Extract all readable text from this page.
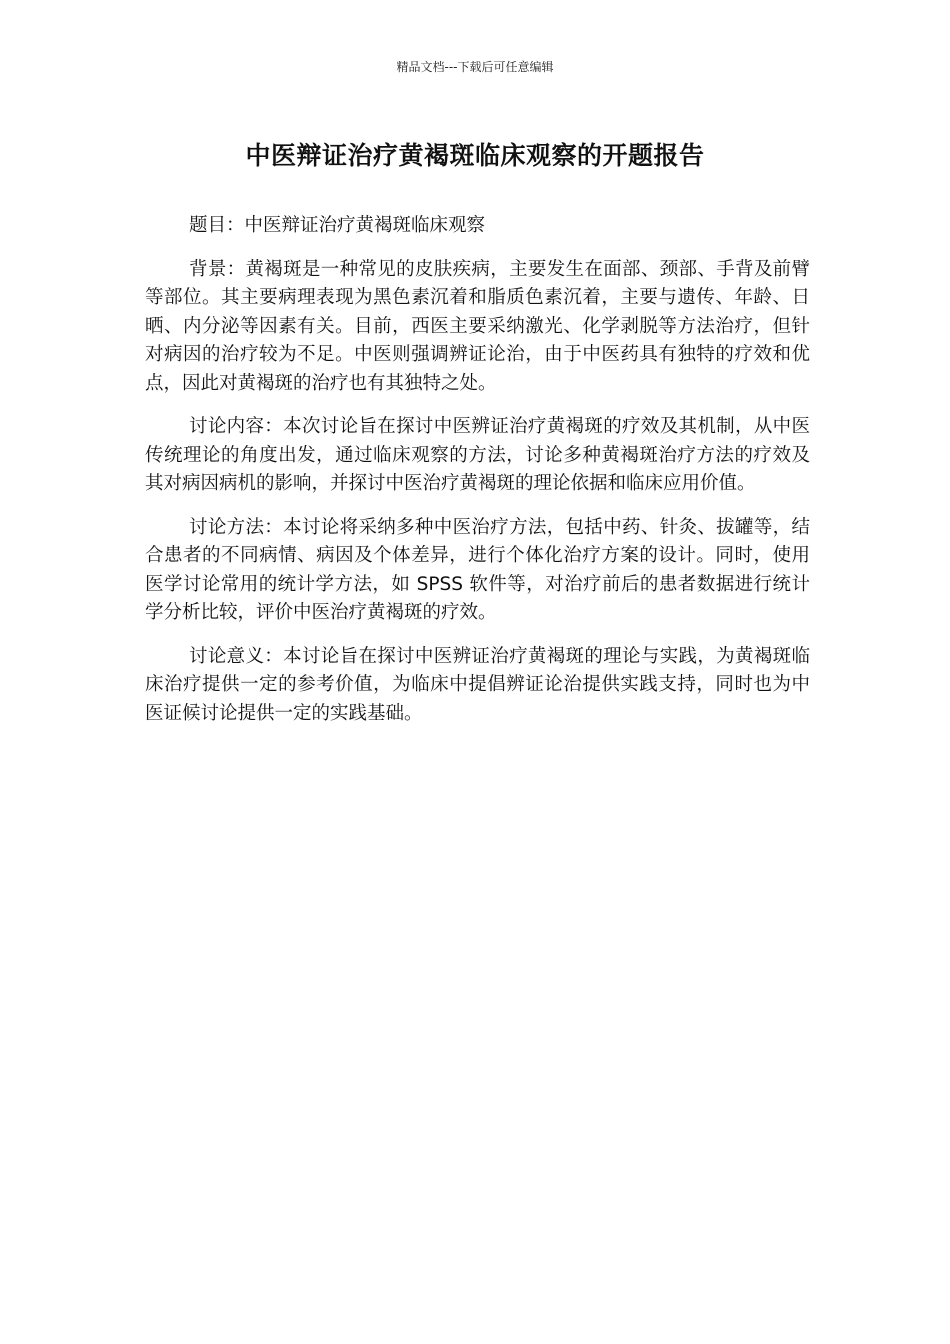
精品文档---下载后可任意编辑
中医辩证治疗黄褐斑临床观察的开题报告

题目：中医辩证治疗黄褐斑临床观察

背景：黄褐斑是一种常见的皮肤疾病，主要发生在面部、颈部、手背及前臂等部位。其主要病理表现为黑色素沉着和脂质色素沉着，主要与遗传、年龄、日晒、内分泌等因素有关。目前，西医主要采纳激光、化学剥脱等方法治疗，但针对病因的治疗较为不足。中医则强调辨证论治，由于中医药具有独特的疗效和优点，因此对黄褐斑的治疗也有其独特之处。

讨论内容：本次讨论旨在探讨中医辨证治疗黄褐斑的疗效及其机制，从中医传统理论的角度出发，通过临床观察的方法，讨论多种黄褐斑治疗方法的疗效及其对病因病机的影响，并探讨中医治疗黄褐斑的理论依据和临床应用价值。

讨论方法：本讨论将采纳多种中医治疗方法，包括中药、针灸、拔罐等，结合患者的不同病情、病因及个体差异，进行个体化治疗方案的设计。同时，使用医学讨论常用的统计学方法，如 SPSS 软件等，对治疗前后的患者数据进行统计学分析比较，评价中医治疗黄褐斑的疗效。

讨论意义：本讨论旨在探讨中医辨证治疗黄褐斑的理论与实践，为黄褐斑临床治疗提供一定的参考价值，为临床中提倡辨证论治提供实践支持，同时也为中医证候讨论提供一定的实践基础。
